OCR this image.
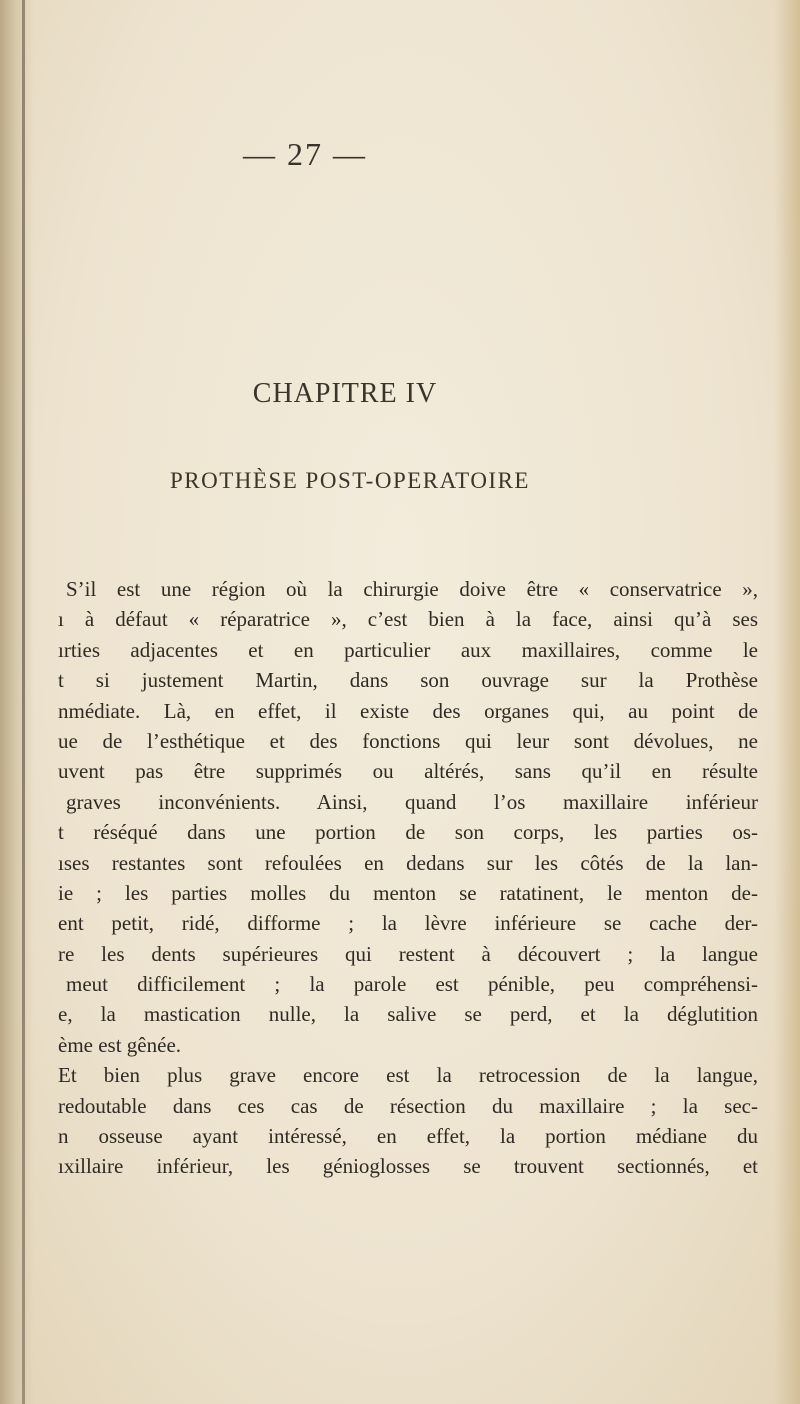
— 27 —
CHAPITRE IV
PROTHÈSE POST-OPERATOIRE
S’il est une région où la chirurgie doive être « conservatrice »,
ı à défaut « réparatrice », c’est bien à la face, ainsi qu’à ses
ırties adjacentes et en particulier aux maxillaires, comme le
t si justement Martin, dans son ouvrage sur la Prothèse
nmédiate. Là, en effet, il existe des organes qui, au point de
ue de l’esthétique et des fonctions qui leur sont dévolues, ne
uvent pas être supprimés ou altérés, sans qu’il en résulte
graves inconvénients. Ainsi, quand l’os maxillaire inférieur
t réséqué dans une portion de son corps, les parties os-
ıses restantes sont refoulées en dedans sur les côtés de la lan-
ie ; les parties molles du menton se ratatinent, le menton de-
ent petit, ridé, difforme ; la lèvre inférieure se cache der-
re les dents supérieures qui restent à découvert ; la langue
meut difficilement ; la parole est pénible, peu compréhensi-
e, la mastication nulle, la salive se perd, et la déglutition
ème est gênée.
Et bien plus grave encore est la retrocession de la langue,
redoutable dans ces cas de résection du maxillaire ; la sec-
n osseuse ayant intéressé, en effet, la portion médiane du
ıxillaire inférieur, les génioglosses se trouvent sectionnés, et
